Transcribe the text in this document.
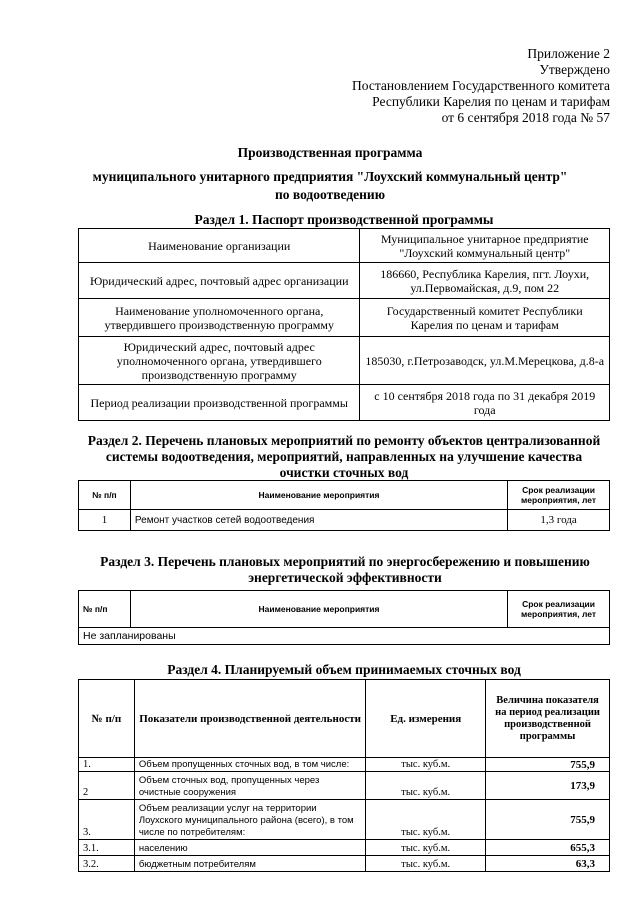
Приложение 2
Утверждено
Постановлением Государственного комитета
Республики Карелия по ценам и тарифам
от 6 сентября 2018 года № 57
Производственная программа
муниципального унитарного предприятия "Лоухский коммунальный центр"
по водоотведению
Раздел 1. Паспорт производственной программы
Наименование организации	Муниципальное унитарное предприятие "Лоухский коммунальный центр"
Юридический адрес, почтовый адрес организации	186660, Республика Карелия, пгт. Лоухи, ул.Первомайская, д.9, пом 22
Наименование уполномоченного органа, утвердившего производственную программу	Государственный комитет Республики Карелия по ценам и тарифам
Юридический адрес, почтовый адрес уполномоченного органа, утвердившего производственную программу	185030, г.Петрозаводск, ул.М.Мерецкова, д.8-а
Период реализации производственной программы	с 10 сентября 2018 года по 31 декабря 2019 года
Раздел 2. Перечень плановых мероприятий по ремонту объектов централизованной системы водоотведения, мероприятий, направленных на улучшение качества очистки сточных вод
№ п/п	Наименование мероприятия	Срок реализации мероприятия, лет
1	Ремонт участков сетей водоотведения	1,3 года
Раздел 3. Перечень плановых мероприятий по энергосбережению и повышению энергетической эффективности
№ п/п	Наименование мероприятия	Срок реализации мероприятия, лет
Не запланированы
Раздел 4. Планируемый объем принимаемых сточных вод
№ п/п	Показатели производственной деятельности	Ед. измерения	Величина показателя на период реализации производственной программы
1.	Объем пропущенных сточных вод, в том числе:	тыс. куб.м.	755,9
2	Объем сточных вод, пропущенных через очистные сооружения	тыс. куб.м.	173,9
3.	Объем реализации услуг на территории Лоухского муниципального района (всего), в том числе по потребителям:	тыс. куб.м.	755,9
3.1.	населению	тыс. куб.м.	655,3
3.2.	бюджетным потребителям	тыс. куб.м.	63,3
